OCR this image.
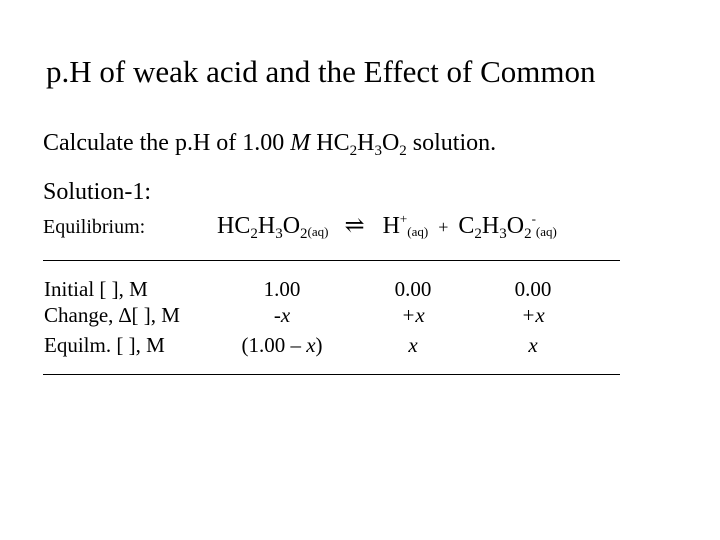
p.H of weak acid and the Effect of Common
Calculate the p.H of 1.00 M $HC_2H_3O_2$ solution.
Solution-1:
Equilibrium:	$HC_2H_3O_2(aq)$ ⇌ $H^+(aq) + C_2H_3O_2^-(aq)$
Initial [ ], M	1.00	0.00	0.00
Change, ∆[ ], M	-x	+x	+x
Equilm. [ ], M	(1.00 – x)	x	x
